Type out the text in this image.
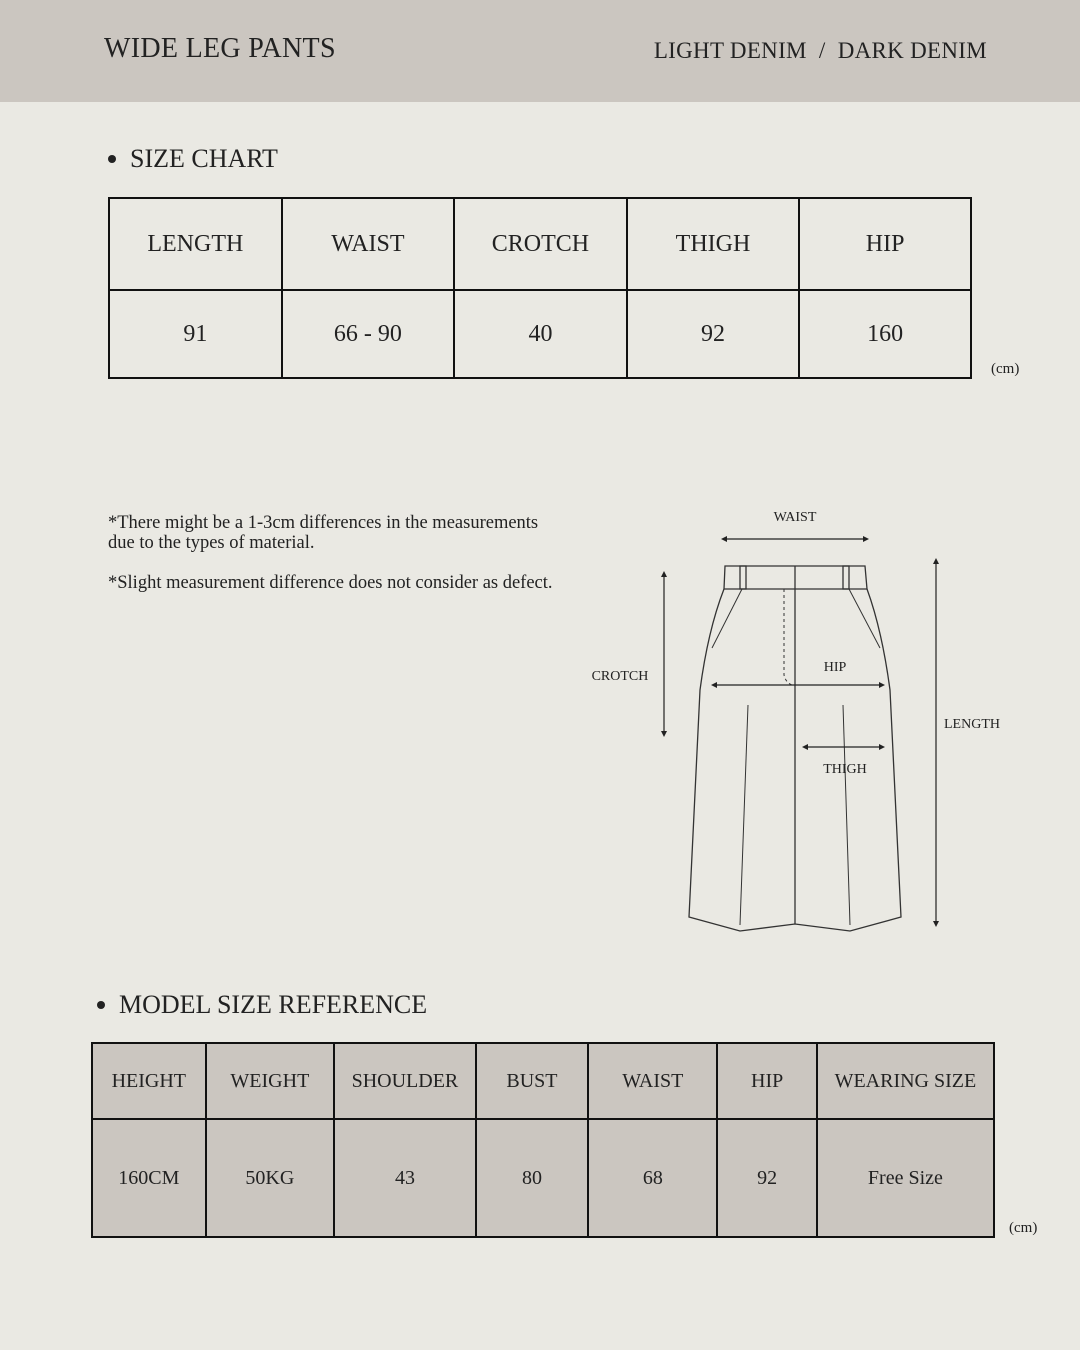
WIDE LEG PANTS	LIGHT DENIM  /  DARK DENIM
SIZE CHART
LENGTH	WAIST	CROTCH	THIGH	HIP
91	66 - 90	40	92	160
(cm)
*There might be a 1-3cm differences in the measurements due to the types of material.
*Slight measurement difference does not consider as defect.
WAIST
CROTCH
HIP
THIGH
LENGTH
MODEL SIZE REFERENCE
HEIGHT	WEIGHT	SHOULDER	BUST	WAIST	HIP	WEARING SIZE
160CM	50KG	43	80	68	92	Free Size
(cm)
